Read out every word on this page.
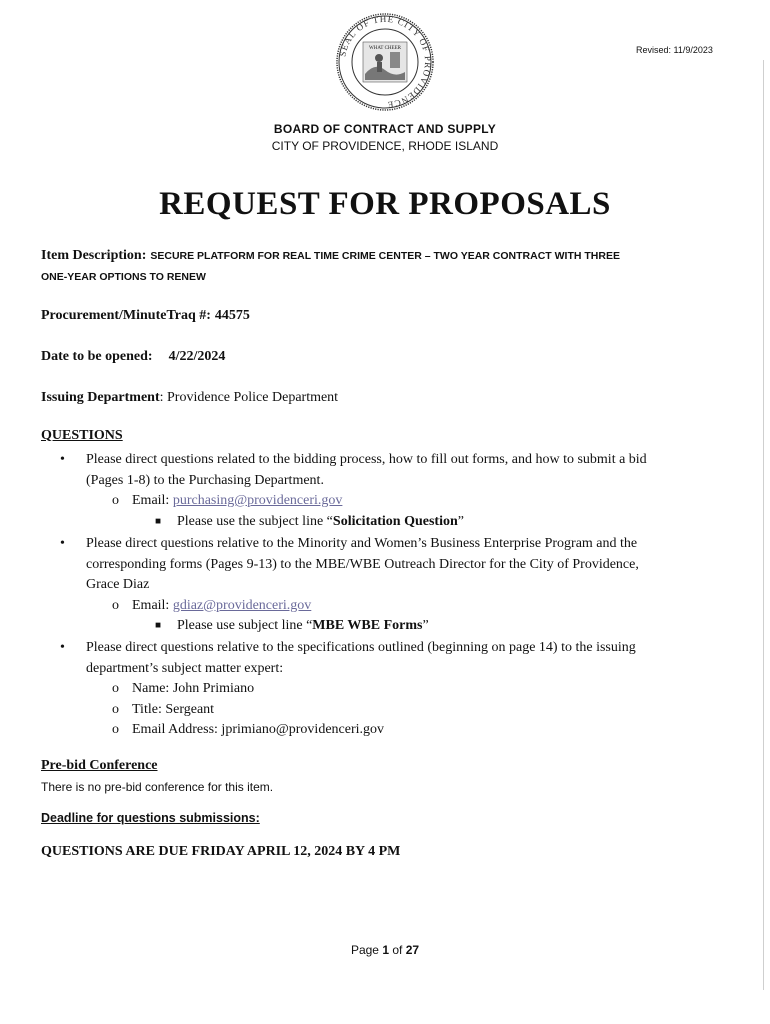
SEAL OF THE CITY OF PROVIDENCE
WHAT CHEER	Revised: 11/9/2023
BOARD OF CONTRACT AND SUPPLY
CITY OF PROVIDENCE, RHODE ISLAND
REQUEST FOR PROPOSALS
Item Description: SECURE PLATFORM FOR REAL TIME CRIME CENTER – TWO YEAR CONTRACT WITH THREE
ONE-YEAR OPTIONS TO RENEW
Procurement/MinuteTraq #: 44575
Date to be opened: 4/22/2024
Issuing Department: Providence Police Department
QUESTIONS
• Please direct questions related to the bidding process, how to fill out forms, and how to submit a bid
(Pages 1-8) to the Purchasing Department.
o Email: purchasing@providenceri.gov
■ Please use the subject line “Solicitation Question”
• Please direct questions relative to the Minority and Women’s Business Enterprise Program and the
corresponding forms (Pages 9-13) to the MBE/WBE Outreach Director for the City of Providence,
Grace Diaz
o Email: gdiaz@providenceri.gov
■ Please use subject line “MBE WBE Forms”
• Please direct questions relative to the specifications outlined (beginning on page 14) to the issuing
department’s subject matter expert:
o Name: John Primiano
o Title: Sergeant
o Email Address: jprimiano@providenceri.gov
Pre-bid Conference
There is no pre-bid conference for this item.
Deadline for questions submissions:
QUESTIONS ARE DUE FRIDAY APRIL 12, 2024 BY 4 PM
Page 1 of 27
